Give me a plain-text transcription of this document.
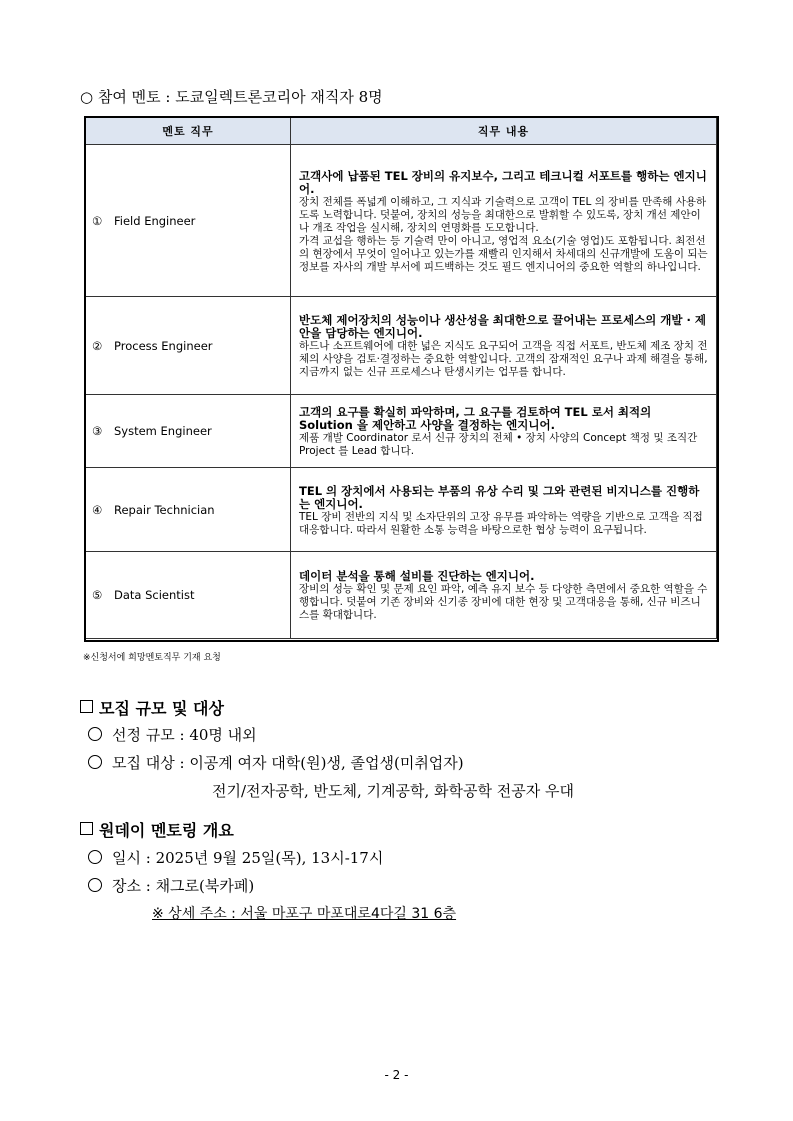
○ 참여 멘토 : 도쿄일렉트론코리아 재직자 8명
멘토 직무	직무 내용
① Field Engineer	고객사에 납품된 TEL 장비의 유지보수, 그리고 테크니컬 서포트를 행하는 엔지니어.
장치 전체를 폭넓게 이해하고, 그 지식과 기술력으로 고객이 TEL 의 장비를 만족해 사용하도록 노력합니다. 덧붙여, 장치의 성능을 최대한으로 발휘할 수 있도록, 장치 개선 제안이나 개조 작업을 실시해, 장치의 연명화를 도모합니다.
가격 교섭을 행하는 등 기술력 만이 아니고, 영업적 요소(기술 영업)도 포함됩니다. 최전선의 현장에서 무엇이 일어나고 있는가를 재빨리 인지해서 차세대의 신규개발에 도움이 되는 정보를 자사의 개발 부서에 피드백하는 것도 필드 엔지니어의 중요한 역할의 하나입니다.

② Process Engineer	반도체 제어장치의 성능이나 생산성을 최대한으로 끌어내는 프로세스의 개발 · 제안을 담당하는 엔지니어.
하드나 소프트웨어에 대한 넓은 지식도 요구되어 고객을 직접 서포트, 반도체 제조 장치 전체의 사양을 검토·결정하는 중요한 역할입니다. 고객의 잠재적인 요구나 과제 해결을 통해, 지금까지 없는 신규 프로세스나 탄생시키는 업무를 합니다.

③ System Engineer	고객의 요구를 확실히 파악하며, 그 요구를 검토하여 TEL 로서 최적의 Solution 을 제안하고 사양을 결정하는 엔지니어.
제품 개발 Coordinator 로서 신규 장치의 전체 • 장치 사양의 Concept 책정 및 조직간 Project 를 Lead 합니다.

④ Repair Technician	TEL 의 장치에서 사용되는 부품의 유상 수리 및 그와 관련된 비지니스를 진행하는 엔지니어.
TEL 장비 전반의 지식 및 소자단위의 고장 유무를 파악하는 역량을 기반으로 고객을 직접 대응합니다. 따라서 원활한 소통 능력을 바탕으로한 협상 능력이 요구됩니다.

⑤ Data Scientist	데이터 분석을 통해 설비를 진단하는 엔지니어.
장비의 성능 확인 및 문제 요인 파악, 예측 유지 보수 등 다양한 측면에서 중요한 역할을 수행합니다. 덧붙여 기존 장비와 신기종 장비에 대한 현장 및 고객대응을 통해, 신규 비즈니스를 확대합니다.
※신청서에 희망멘토직무 기재 요청
모집 규모 및 대상
선정 규모 : 40명 내외
모집 대상 : 이공계 여자 대학(원)생, 졸업생(미취업자)
전기/전자공학, 반도체, 기계공학, 화학공학 전공자 우대
원데이 멘토링 개요
일시 : 2025년 9월 25일(목), 13시-17시
장소 : 채그로(북카페)
※ 상세 주소 : 서울 마포구 마포대로4다길 31 6층
- 2 -
